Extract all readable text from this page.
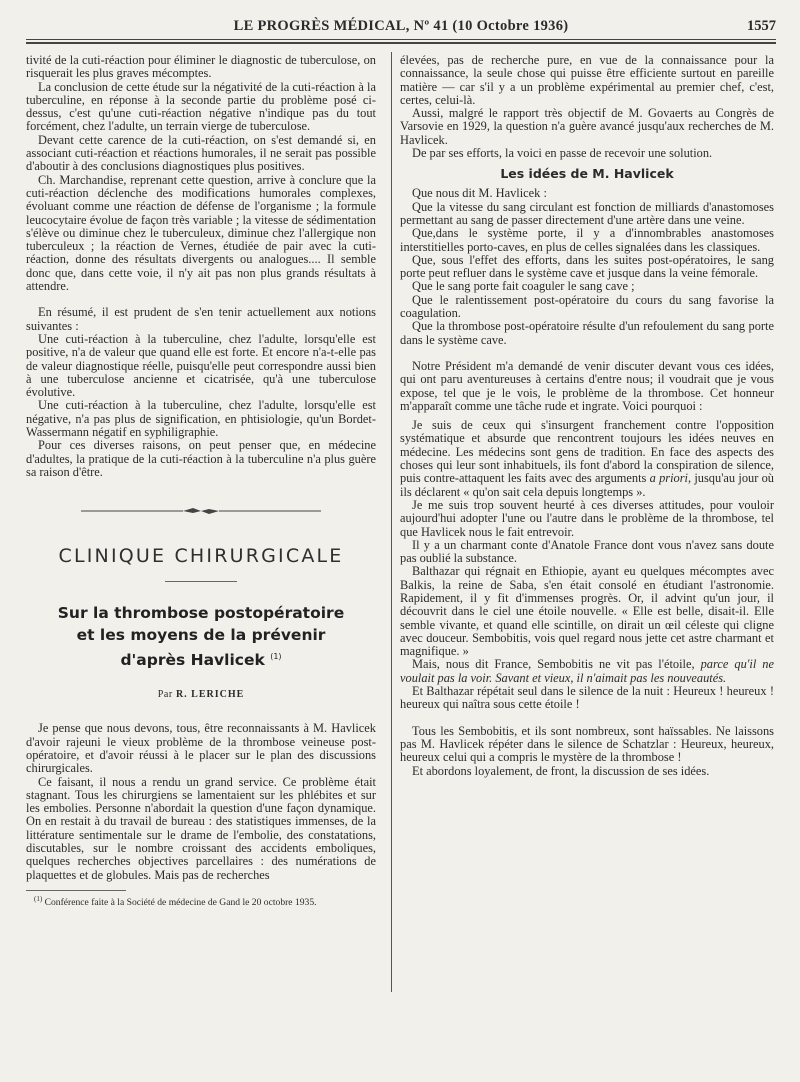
LE PROGRÈS MÉDICAL, Nº 41 (10 Octobre 1936)	1557

tivité de la cuti-réaction pour éliminer le diagnostic de tuberculose, on risquerait les plus graves mécomptes.

La conclusion de cette étude sur la négativité de la cuti-réaction à la tuberculine, en réponse à la seconde partie du problème posé ci-dessus, c'est qu'une cuti-réaction négative n'indique pas du tout forcément, chez l'adulte, un terrain vierge de tuberculose.

Devant cette carence de la cuti-réaction, on s'est demandé si, en associant cuti-réaction et réactions humorales, il ne serait pas possible d'aboutir à des conclusions diagnostiques plus positives.

Ch. Marchandise, reprenant cette question, arrive à conclure que la cuti-réaction déclenche des modifications humorales complexes, évoluant comme une réaction de défense de l'organisme ; la formule leucocytaire évolue de façon très variable ; la vitesse de sédimentation s'élève ou diminue chez le tuberculeux, diminue chez l'allergique non tuberculeux ; la réaction de Vernes, étudiée de pair avec la cuti-réaction, donne des résultats divergents ou analogues.... Il semble donc que, dans cette voie, il n'y ait pas non plus grands résultats à attendre.

En résumé, il est prudent de s'en tenir actuellement aux notions suivantes :

Une cuti-réaction à la tuberculine, chez l'adulte, lorsqu'elle est positive, n'a de valeur que quand elle est forte. Et encore n'a-t-elle pas de valeur diagnostique réelle, puisqu'elle peut correspondre aussi bien à une tuberculose ancienne et cicatrisée, qu'à une tuberculose évolutive.

Une cuti-réaction à la tuberculine, chez l'adulte, lorsqu'elle est négative, n'a pas plus de signification, en phtisiologie, qu'un Bordet-Wassermann négatif en syphiligraphie.

Pour ces diverses raisons, on peut penser que, en médecine d'adultes, la pratique de la cuti-réaction à la tuberculine n'a plus guère sa raison d'être.

CLINIQUE CHIRURGICALE

Sur la thrombose postopératoire
et les moyens de la prévenir
d'après Havlicek $^{(1)}$

Par R. LERICHE

Je pense que nous devons, tous, être reconnaissants à M. Havlicek d'avoir rajeuni le vieux problème de la thrombose veineuse post-opératoire, et d'avoir réussi à le placer sur le plan des discussions chirurgicales.

Ce faisant, il nous a rendu un grand service. Ce problème était stagnant. Tous les chirurgiens se lamentaient sur les phlébites et sur les embolies. Personne n'abordait la question d'une façon dynamique. On en restait à du travail de bureau : des statistiques immenses, de la littérature sentimentale sur le drame de l'embolie, des constatations, discutables, sur le nombre croissant des accidents emboliques, quelques recherches objectives parcellaires : des numérations de plaquettes et de globules. Mais pas de recherches

$^{(1)}$ Conférence faite à la Société de médecine de Gand le 20 octobre 1935.

élevées, pas de recherche pure, en vue de la connaissance pour la connaissance, la seule chose qui puisse être efficiente surtout en pareille matière — car s'il y a un problème expérimental au premier chef, c'est, certes, celui-là.

Aussi, malgré le rapport très objectif de M. Govaerts au Congrès de Varsovie en 1929, la question n'a guère avancé jusqu'aux recherches de M. Havlicek.

De par ses efforts, la voici en passe de recevoir une solution.

Les idées de M. Havlicek

Que nous dit M. Havlicek :

Que la vitesse du sang circulant est fonction de milliards d'anastomoses permettant au sang de passer directement d'une artère dans une veine.

Que,dans le système porte, il y a d'innombrables anastomoses interstitielles porto-caves, en plus de celles signalées dans les classiques.

Que, sous l'effet des efforts, dans les suites post-opératoires, le sang porte peut refluer dans le système cave et jusque dans la veine fémorale.

Que le sang porte fait coaguler le sang cave ;

Que le ralentissement post-opératoire du cours du sang favorise la coagulation.

Que la thrombose post-opératoire résulte d'un refoulement du sang porte dans le système cave.

Notre Président m'a demandé de venir discuter devant vous ces idées, qui ont paru aventureuses à certains d'entre nous; il voudrait que je vous expose, tel que je le vois, le problème de la thrombose. Cet honneur m'apparaît comme une tâche rude et ingrate. Voici pourquoi :

Je suis de ceux qui s'insurgent franchement contre l'opposition systématique et absurde que rencontrent toujours les idées neuves en médecine. Les médecins sont gens de tradition. En face des aspects des choses qui leur sont inhabituels, ils font d'abord la conspiration de silence, puis contre-attaquent les faits avec des arguments a priori, jusqu'au jour où ils déclarent « qu'on sait cela depuis longtemps ».

Je me suis trop souvent heurté à ces diverses attitudes, pour vouloir aujourd'hui adopter l'une ou l'autre dans le problème de la thrombose, tel que Havlicek nous le fait entrevoir.

Il y a un charmant conte d'Anatole France dont vous n'avez sans doute pas oublié la substance.

Balthazar qui régnait en Ethiopie, ayant eu quelques mécomptes avec Balkis, la reine de Saba, s'en était consolé en étudiant l'astronomie. Rapidement, il y fit d'immenses progrès. Or, il advint qu'un jour, il découvrit dans le ciel une étoile nouvelle. « Elle est belle, disait-il. Elle semble vivante, et quand elle scintille, on dirait un œil céleste qui cligne avec douceur. Sembobitis, vois quel regard nous jette cet astre charmant et magnifique. »

Mais, nous dit France, Sembobitis ne vit pas l'étoile, parce qu'il ne voulait pas la voir. Savant et vieux, il n'aimait pas les nouveautés.

Et Balthazar répétait seul dans le silence de la nuit : Heureux ! heureux ! heureux qui naîtra sous cette étoile !

Tous les Sembobitis, et ils sont nombreux, sont haïssables. Ne laissons pas M. Havlicek répéter dans le silence de Schatzlar : Heureux, heureux, heureux celui qui a compris le mystère de la thrombose !

Et abordons loyalement, de front, la discussion de ses idées.
